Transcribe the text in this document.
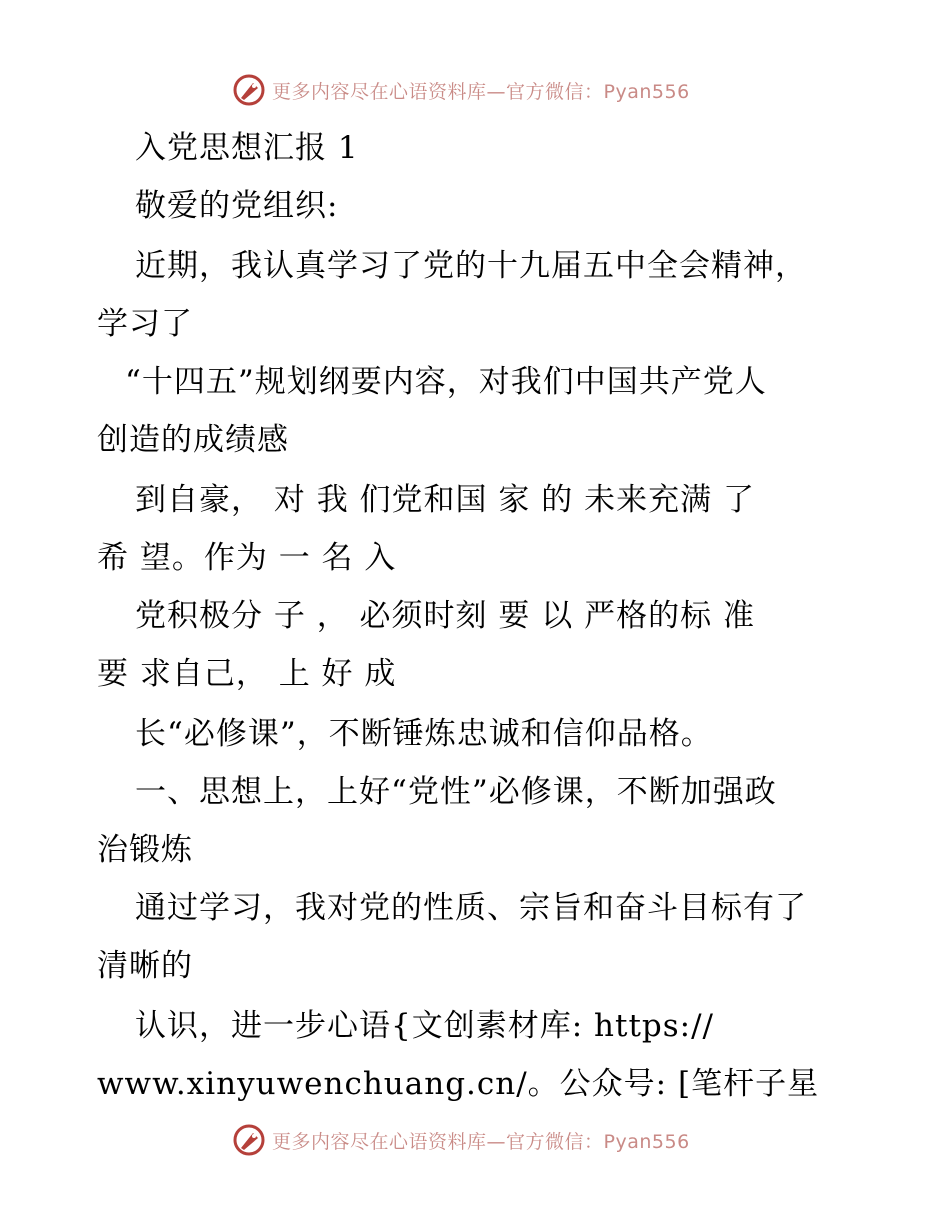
更多内容尽在心语资料库—官方微信：Pyan556
入党思想汇报 1
敬爱的党组织:
近期，我认真学习了党的十九届五中全会精神，
学习了
“十四五”规划纲要内容，对我们中国共产党人
创造的成绩感
到自豪， 对 我 们党和国 家 的 未来充满 了
希 望。作为 一 名 入
党积极分 子 ， 必须时刻 要 以 严格的标 准
要 求自己， 上 好 成
长“必修课”，不断锤炼忠诚和信仰品格。
一、思想上，上好“党性”必修课，不断加强政
治锻炼
通过学习，我对党的性质、宗旨和奋斗目标有了
清晰的
认识，进一步心语{文创素材库: https://
www.xinyuwenchuang.cn/。公众号: [笔杆子星
更多内容尽在心语资料库—官方微信：Pyan556
